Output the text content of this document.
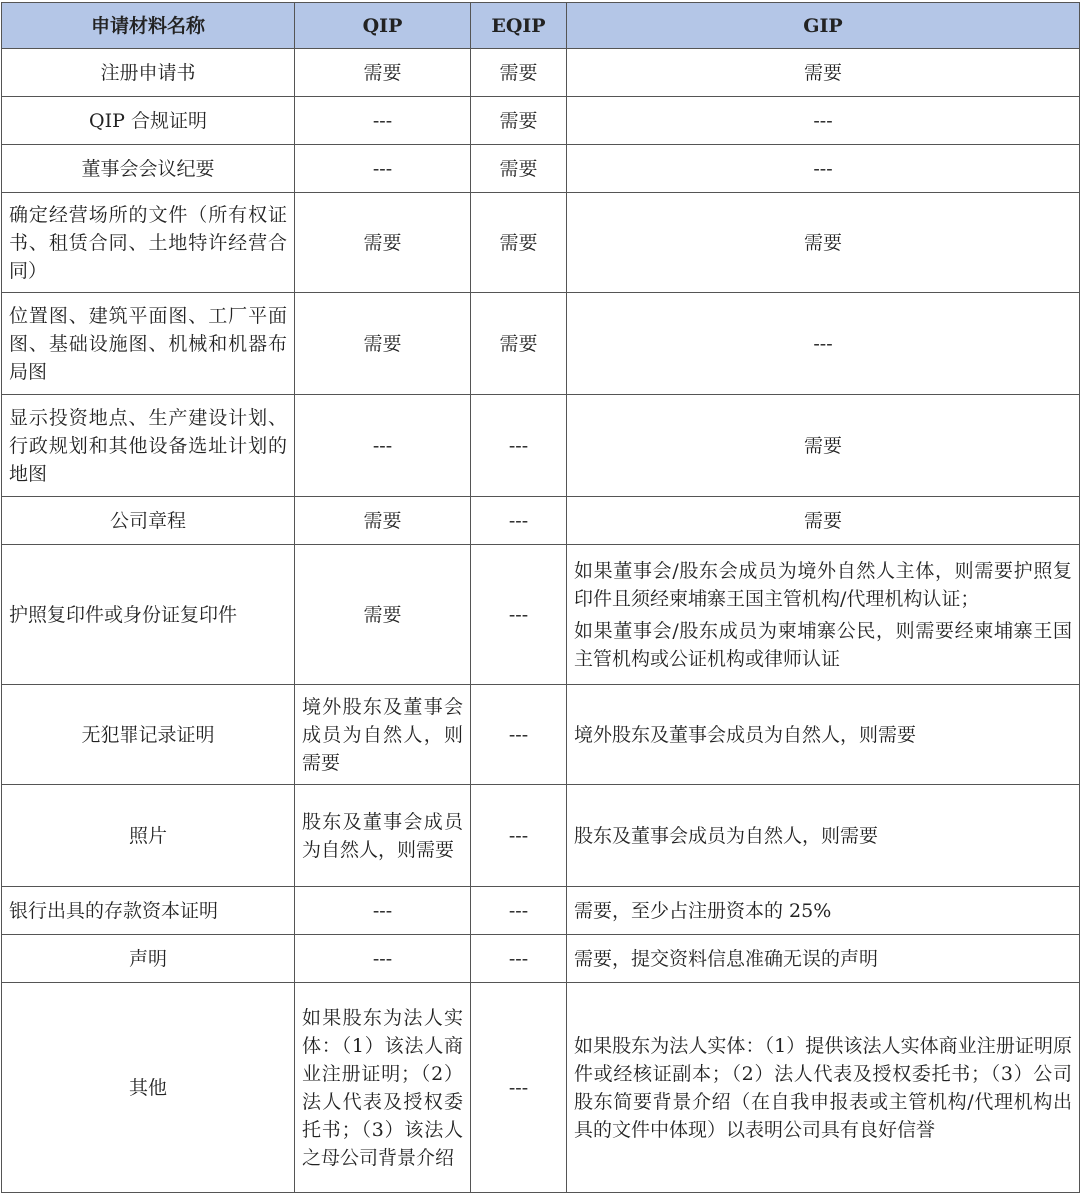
申请材料名称	QIP	EQIP	GIP
注册申请书	需要	需要	需要
QIP 合规证明	---	需要	---
董事会会议纪要	---	需要	---
确定经营场所的文件（所有权证书、租赁合同、土地特许经营合同）	需要	需要	需要
位置图、建筑平面图、工厂平面图、基础设施图、机械和机器布局图	需要	需要	---
显示投资地点、生产建设计划、行政规划和其他设备选址计划的地图	---	---	需要
公司章程	需要	---	需要
护照复印件或身份证复印件	需要	---	如果董事会/股东会成员为境外自然人主体，则需要护照复印件且须经柬埔寨王国主管机构/代理机构认证；

如果董事会/股东成员为柬埔寨公民，则需要经柬埔寨王国主管机构或公证机构或律师认证

无犯罪记录证明	境外股东及董事会成员为自然人，则需要	---	境外股东及董事会成员为自然人，则需要
照片	股东及董事会成员为自然人，则需要	---	股东及董事会成员为自然人，则需要
银行出具的存款资本证明	---	---	需要，至少占注册资本的 25%
声明	---	---	需要，提交资料信息准确无误的声明
其他	如果股东为法人实体：（1）该法人商业注册证明；（2）法人代表及授权委托书；（3）该法人之母公司背景介绍	---	如果股东为法人实体：（1）提供该法人实体商业注册证明原件或经核证副本；（2）法人代表及授权委托书；（3）公司股东简要背景介绍（在自我申报表或主管机构/代理机构出具的文件中体现）以表明公司具有良好信誉
